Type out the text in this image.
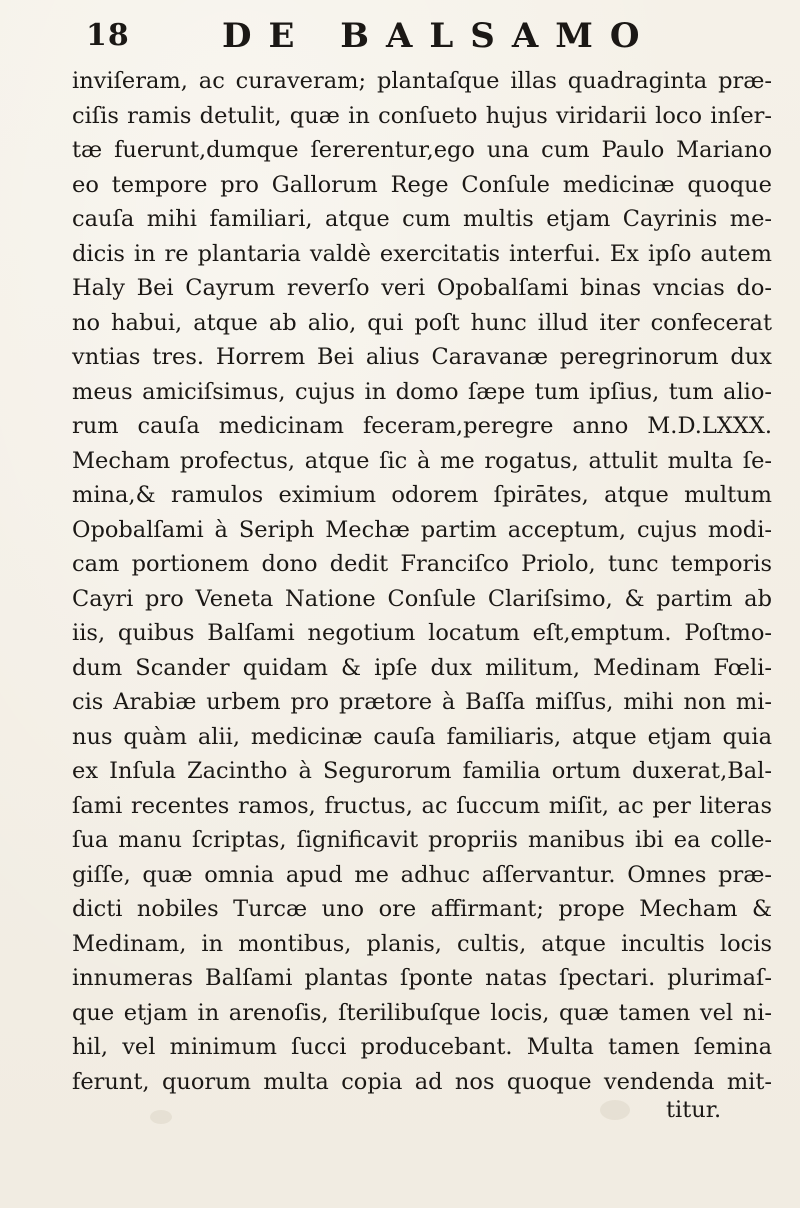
18	DE BALSAMO
inviſeram, ac curaveram; plantaſque illas quadraginta præ-
ciſis ramis detulit, quæ in conſueto hujus viridarii loco inſer-
tæ fuerunt,dumque ſererentur,ego una cum Paulo Mariano
eo tempore pro Gallorum Rege Conſule medicinæ quoque
cauſa mihi familiari, atque cum multis etjam Cayrinis me-
dicis in re plantaria valdè exercitatis interfui. Ex ipſo autem
Haly Bei Cayrum reverſo veri Opobalſami binas vncias do-
no habui, atque ab alio, qui poſt hunc illud iter confecerat
vntias tres. Horrem Bei alius Caravanæ peregrinorum dux
meus amiciſsimus, cujus in domo ſæpe tum ipſius, tum alio-
rum cauſa medicinam feceram,peregre anno M.D.LXXX.
Mecham profectus, atque ſic à me rogatus, attulit multa ſe-
mina,& ramulos eximium odorem ſpirātes, atque multum
Opobalſami à Seriph Mechæ partim acceptum, cujus modi-
cam portionem dono dedit Franciſco Priolo, tunc temporis
Cayri pro Veneta Natione Conſule Clariſsimo, & partim ab
iis, quibus Balſami negotium locatum eſt,emptum. Poſtmo-
dum Scander quidam & ipſe dux militum, Medinam Fœli-
cis Arabiæ urbem pro prætore à Baſſa miſſus, mihi non mi-
nus quàm alii, medicinæ cauſa familiaris, atque etjam quia
ex Inſula Zacintho à Segurorum familia ortum duxerat,Bal-
ſami recentes ramos, fructus, ac ſuccum miſit, ac per literas
ſua manu ſcriptas, ſignificavit propriis manibus ibi ea colle-
giſſe, quæ omnia apud me adhuc aſſervantur. Omnes præ-
dicti nobiles Turcæ uno ore affirmant; prope Mecham &
Medinam, in montibus, planis, cultis, atque incultis locis
innumeras Balſami plantas ſponte natas ſpectari. plurimaſ-
que etjam in arenoſis, ſterilibuſque locis, quæ tamen vel ni-
hil, vel minimum ſucci producebant. Multa tamen ſemina
ferunt, quorum multa copia ad nos quoque vendenda mit-
titur.
